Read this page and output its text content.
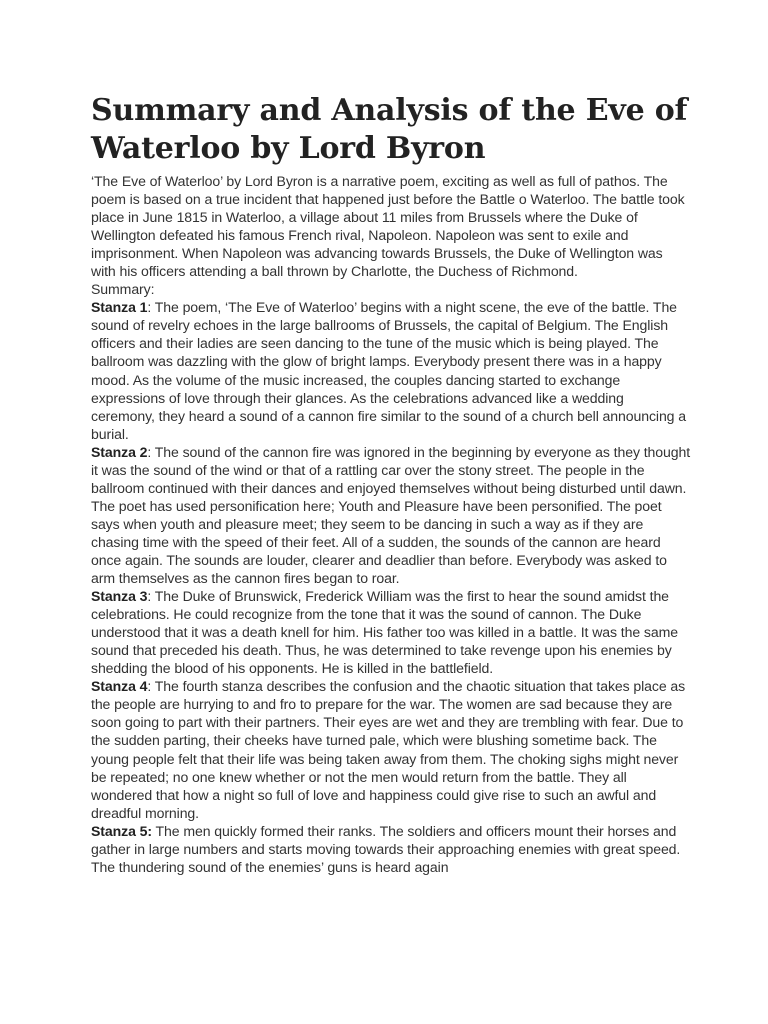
Summary and Analysis of the Eve of Waterloo by Lord Byron

‘The Eve of Waterloo’ by Lord Byron is a narrative poem, exciting as well as full of pathos. The poem is based on a true incident that happened just before the Battle o Waterloo. The battle took place in June 1815 in Waterloo, a village about 11 miles from Brussels where the Duke of Wellington defeated his famous French rival, Napoleon. Napoleon was sent to exile and imprisonment. When Napoleon was advancing towards Brussels, the Duke of Wellington was with his officers attending a ball thrown by Charlotte, the Duchess of Richmond.

Summary:

Stanza 1: The poem, ‘The Eve of Waterloo’ begins with a night scene, the eve of the battle. The sound of revelry echoes in the large ballrooms of Brussels, the capital of Belgium. The English officers and their ladies are seen dancing to the tune of the music which is being played. The ballroom was dazzling with the glow of bright lamps. Everybody present there was in a happy mood. As the volume of the music increased, the couples dancing started to exchange expressions of love through their glances. As the celebrations advanced like a wedding ceremony, they heard a sound of a cannon fire similar to the sound of a church bell announcing a burial.

Stanza 2: The sound of the cannon fire was ignored in the beginning by everyone as they thought it was the sound of the wind or that of a rattling car over the stony street. The people in the ballroom continued with their dances and enjoyed themselves without being disturbed until dawn. The poet has used personification here; Youth and Pleasure have been personified. The poet says when youth and pleasure meet; they seem to be dancing in such a way as if they are chasing time with the speed of their feet. All of a sudden, the sounds of the cannon are heard once again. The sounds are louder, clearer and deadlier than before. Everybody was asked to arm themselves as the cannon fires began to roar.

Stanza 3: The Duke of Brunswick, Frederick William was the first to hear the sound amidst the celebrations. He could recognize from the tone that it was the sound of cannon. The Duke understood that it was a death knell for him. His father too was killed in a battle. It was the same sound that preceded his death. Thus, he was determined to take revenge upon his enemies by shedding the blood of his opponents. He is killed in the battlefield.

Stanza 4: The fourth stanza describes the confusion and the chaotic situation that takes place as the people are hurrying to and fro to prepare for the war. The women are sad because they are soon going to part with their partners. Their eyes are wet and they are trembling with fear. Due to the sudden parting, their cheeks have turned pale, which were blushing sometime back. The young people felt that their life was being taken away from them. The choking sighs might never be repeated; no one knew whether or not the men would return from the battle. They all wondered that how a night so full of love and happiness could give rise to such an awful and dreadful morning.

Stanza 5: The men quickly formed their ranks. The soldiers and officers mount their horses and gather in large numbers and starts moving towards their approaching enemies with great speed. The thundering sound of the enemies’ guns is heard again
